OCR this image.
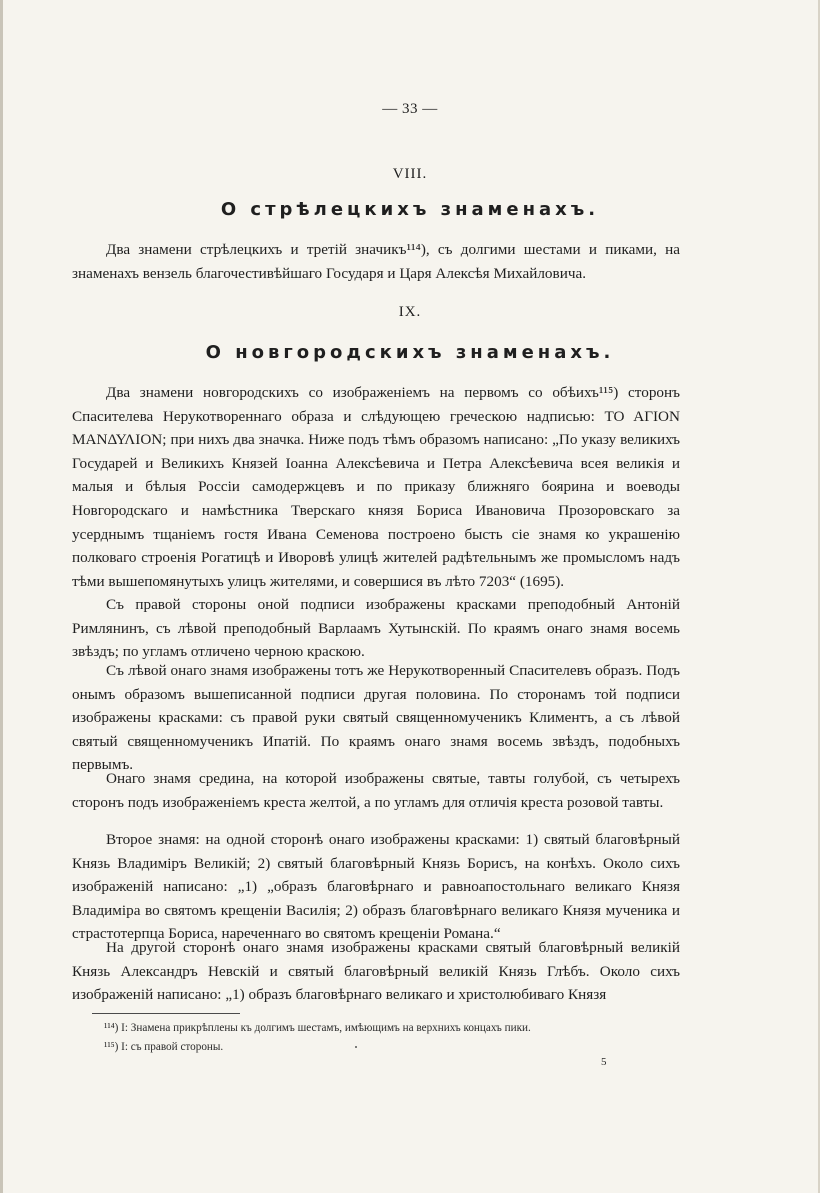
— 33 —
VIII.
О стрѣлецкихъ знаменахъ.

Два знамени стрѣлецкихъ и третій значикъ¹¹⁴), съ долгими шестами и пиками, на знаменахъ вензель благочестивѣйшаго Государя и Царя Алексѣя Михайловича.

IX.
О новгородскихъ знаменахъ.

Два знамени новгородскихъ со изображеніемъ на первомъ со обѣихъ¹¹⁵) сторонъ Спасителева Нерукотвореннаго образа и слѣдующею греческою надписью: ΤΟ ΑΓΙΟΝ ΜΑΝΔΥΛΙΟΝ; при нихъ два значка. Ниже подъ тѣмъ образомъ написано: „По указу великихъ Государей и Великихъ Князей Іоанна Алексѣевича и Петра Алексѣевича всея великія и малыя и бѣлыя Россіи самодержцевъ и по приказу ближняго боярина и воеводы Новгородскаго и намѣстника Тверскаго князя Бориса Ивановича Прозоровскаго за усерднымъ тщаніемъ гостя Ивана Семенова построено бысть сіе знамя ко украшенію полковаго строенія Рогатицѣ и Иворовѣ улицѣ жителей радѣтельнымъ же промысломъ надъ тѣми вышепомянутыхъ улицъ жителями, и совершися въ лѣто 7203“ (1695).

Съ правой стороны оной подписи изображены красками преподобный Антоній Римлянинъ, съ лѣвой преподобный Варлаамъ Хутынскій. По краямъ онаго знамя восемь звѣздъ; по угламъ отличено черною краскою.

Съ лѣвой онаго знамя изображены тотъ же Нерукотворенный Спасителевъ образъ. Подъ онымъ образомъ вышеписанной подписи другая половина. По сторонамъ той подписи изображены красками: съ правой руки святый священномученикъ Климентъ, а съ лѣвой святый священномученикъ Ипатій. По краямъ онаго знамя восемь звѣздъ, подобныхъ первымъ.

Онаго знамя средина, на которой изображены святые, тавты голубой, съ четырехъ сторонъ подъ изображеніемъ креста желтой, а по угламъ для отличія креста розовой тавты.

Второе знамя: на одной сторонѣ онаго изображены красками: 1) святый благовѣрный Князь Владиміръ Великій; 2) святый благовѣрный Князь Борисъ, на конѣхъ. Около сихъ изображеній написано: „1) „образъ благовѣрнаго и равноапостольнаго великаго Князя Владиміра во святомъ крещеніи Василія; 2) образъ благовѣрнаго великаго Князя мученика и страстотерпца Бориса, нареченнаго во святомъ крещеніи Романа.“

На другой сторонѣ онаго знамя изображены красками святый благовѣрный великій Князь Александръ Невскій и святый благовѣрный великій Князь Глѣбъ. Около сихъ изображеній написано: „1) образъ благовѣрнаго великаго и христолюбиваго Князя

¹¹⁴) I: Знамена прикрѣплены къ долгимъ шестамъ, имѣющимъ на верхнихъ концахъ пики.
¹¹⁵) I: съ правой стороны.
5
